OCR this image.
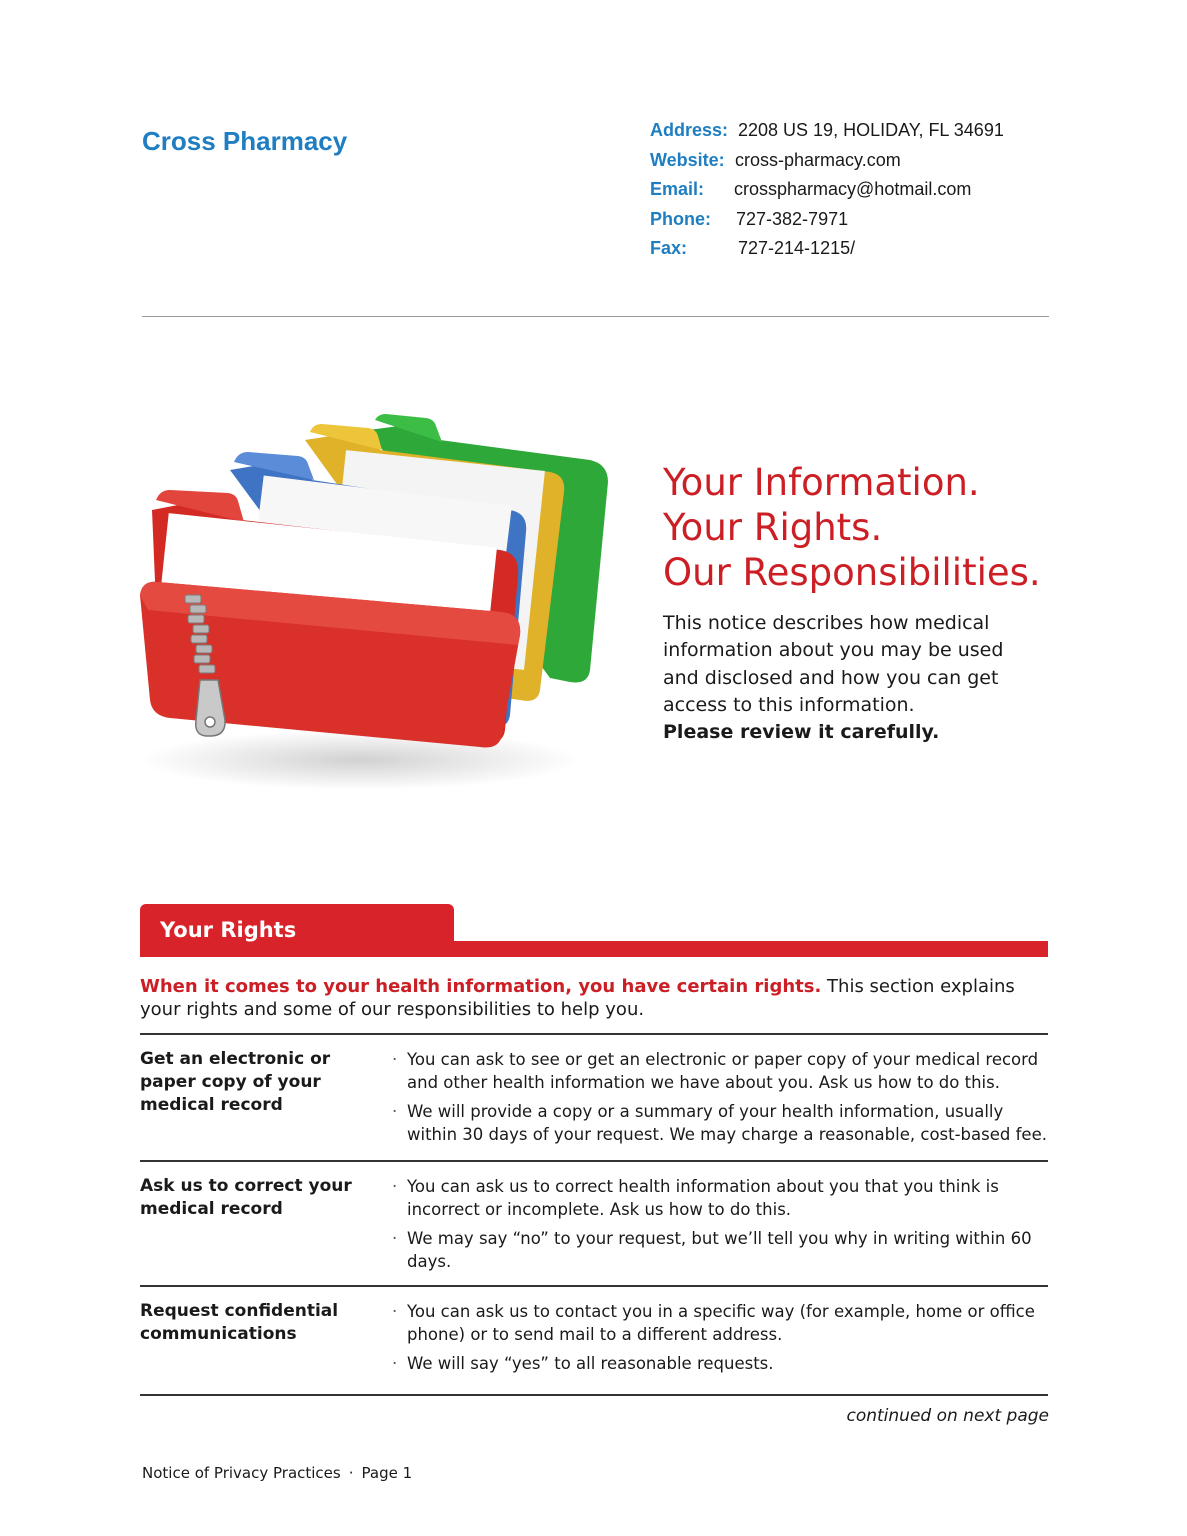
Cross Pharmacy	Address: 2208 US 19, HOLIDAY, FL 34691
Website: cross-pharmacy.com
Email: crosspharmacy@hotmail.com
Phone: 727-382-7971
Fax:	727-214-1215/
Your Information.
Your Rights.
Our Responsibilities.
This notice describes how medical information about you may be used and disclosed and how you can get access to this information.
Please review it carefully.
Your Rights
When it comes to your health information, you have certain rights. This section explains your rights and some of our responsibilities to help you.
Get an electronic or paper copy of your medical record
· You can ask to see or get an electronic or paper copy of your medical record and other health information we have about you. Ask us how to do this.
· We will provide a copy or a summary of your health information, usually within 30 days of your request. We may charge a reasonable, cost-based fee.
Ask us to correct your medical record
· You can ask us to correct health information about you that you think is incorrect or incomplete. Ask us how to do this.
· We may say “no” to your request, but we’ll tell you why in writing within 60 days.
Request confidential communications
· You can ask us to contact you in a specific way (for example, home or office phone) or to send mail to a different address.
· We will say “yes” to all reasonable requests.
continued on next page
Notice of Privacy Practices · Page 1
